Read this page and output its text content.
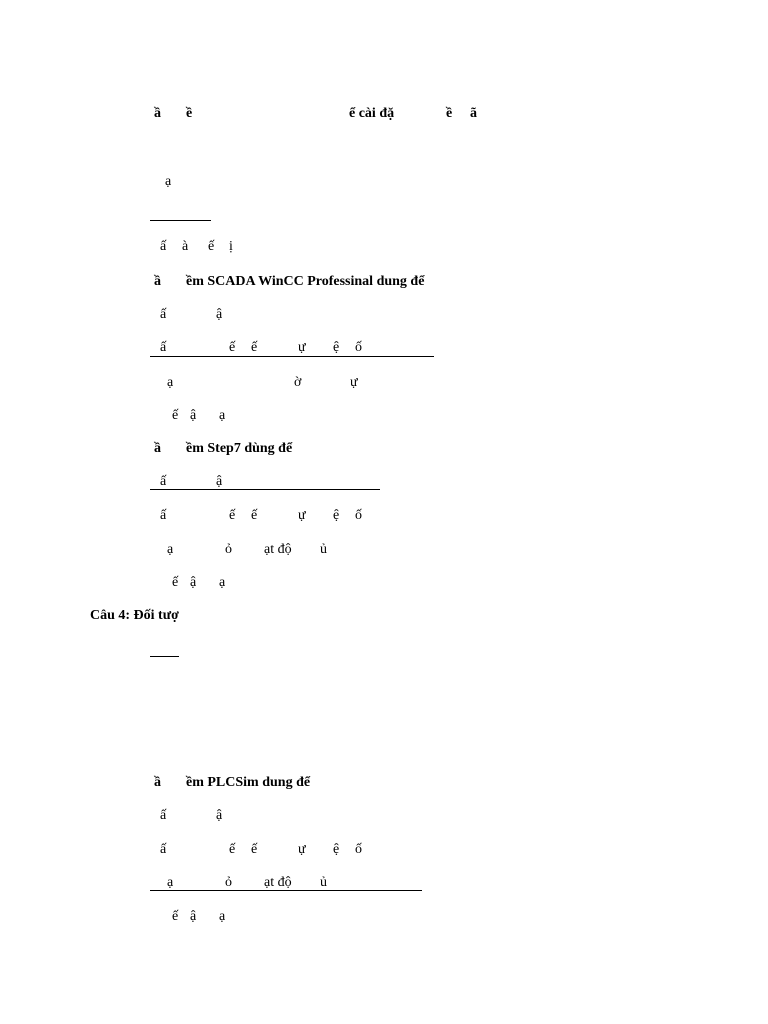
ầ ề	ể cài đặ	ề ã
ạ
ấ à ế ị
ầ ềm SCADA WinCC Professinal dung để
ấ	ậ
ấ	ế ế	ự ệ ố
ạ	ờ	ự
ế ậ ạ
ầ ềm Step7 dùng để
ấ	ậ
ấ	ế ế	ự ệ ố
ạ	ỏ ạt độ ủ
ế ậ ạ
Câu 4: Đối tượ
ầ ềm PLCSim dung để
ấ	ậ
ấ	ế ế	ự ệ ố
ạ	ỏ ạt độ ủ
ế ậ ạ
